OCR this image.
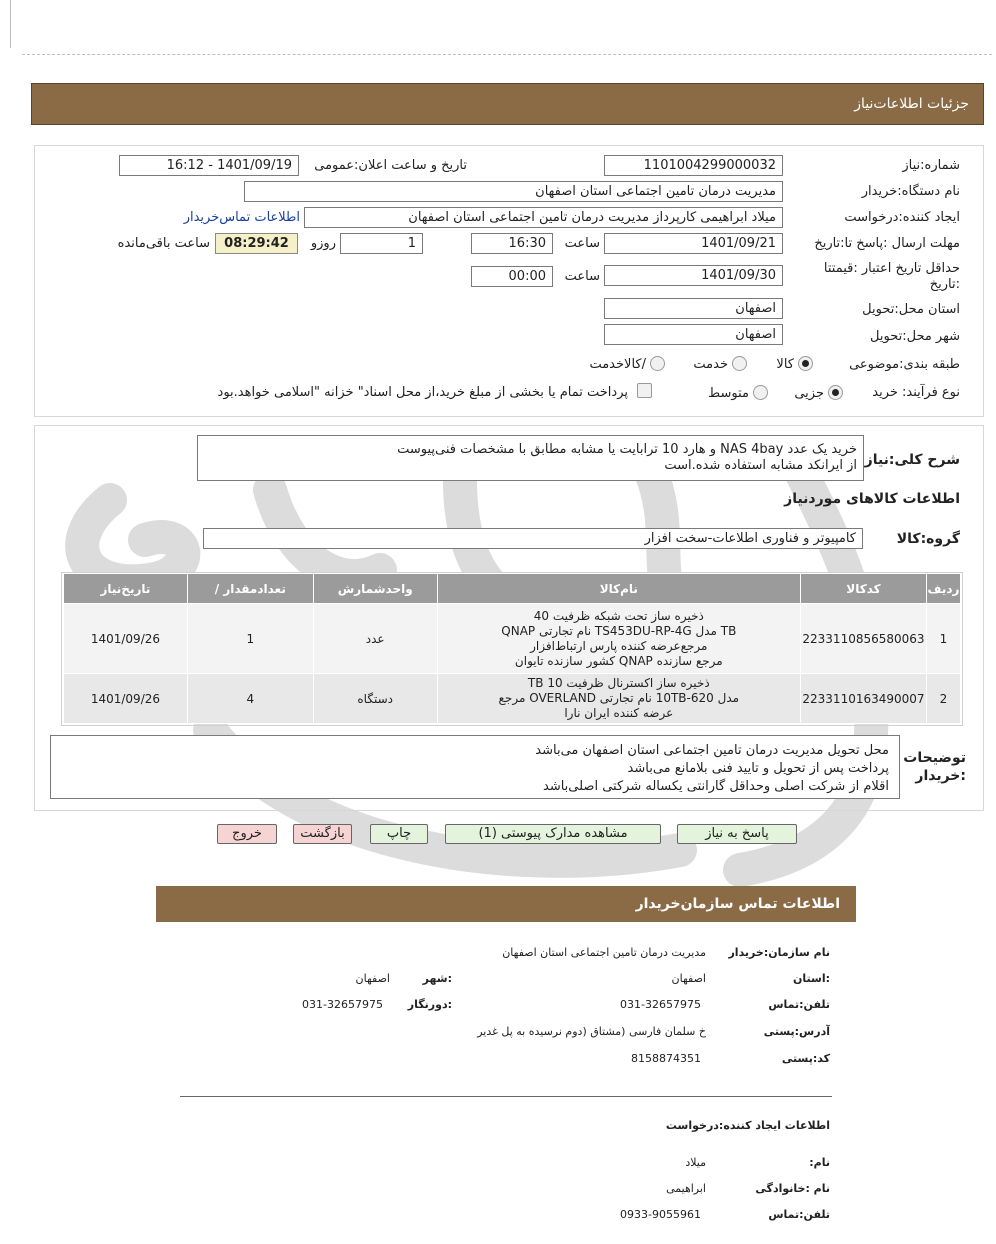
جزئیات اطلاعات‌نیاز
شماره:نیاز
1101004299000032
تاریخ و ساعت اعلان:عمومی
1401/09/19 - 16:12
نام دستگاه:خریدار
مدیریت درمان تامین اجتماعی استان اصفهان
ایجاد کننده:درخواست
میلاد ابراهیمی کارپرداز مدیریت درمان تامین اجتماعی استان اصفهان
اطلاعات تماس‌خریدار
مهلت ارسال :پاسخ تا:تاریخ
1401/09/21
ساعت
16:30
1
روزو
08:29:42
ساعت باقی‌مانده
حداقل تاریخ اعتبار :قیمتتا
:تاریخ
1401/09/30
ساعت
00:00
استان محل:تحویل
اصفهان
شهر محل:تحویل
اصفهان
طبقه بندی:موضوعی
کالا
خدمت
/کالاخدمت
نوع فرآیند: خرید
جزیی
متوسط
پرداخت تمام یا بخشی از مبلغ خرید،از محل اسناد" خزانه "اسلامی خواهد.بود
خرید یک عدد NAS 4bay و هارد 10 ترابایت یا مشابه مطابق با مشخصات فنی‌پیوست
از ایرانکد مشابه استفاده شده.است شرح کلی:نیاز
اطلاعات کالاهای موردنیاز
گروه:کالا
کامپیوتر و فناوری اطلاعات-سخت افزار
تاریخ‌نیاز	/ تعدادمقدار	واحدشمارش	نام‌کالا	کدکالا	ردیف
1401/09/26	1	عدد	ذخیره ساز تحت شبکه ظرفیت 40
TB مدل TS453DU-RP-4G نام تجارتی QNAP
مرجع‌عرضه کننده پارس ارتباط‌افزار
مرجع سازنده QNAP کشور سازنده تایوان	2233110856580063	1
1401/09/26	4	دستگاه	ذخیره ساز اکسترنال ظرفیت 10 TB
مدل 620-10TB نام تجارتی OVERLAND مرجع
عرضه کننده ایران نارا	2233110163490007	2
محل تحویل مدیریت درمان تامین اجتماعی استان اصفهان می‌باشد
پرداخت پس از تحویل و تایید فنی بلامانع می‌باشد
اقلام از شرکت اصلی وحداقل گارانتی یکساله شرکتی اصلی‌باشد
توضیحات
:خریدار
پاسخ به نیاز
مشاهده مدارک پیوستی (1)
چاپ
بازگشت
خروج
اطلاعات تماس سازمان‌خریدار
نام سازمان:خریدار
مدیریت درمان تامین اجتماعی استان اصفهان
:استان
اصفهان
:شهر
اصفهان
تلفن:تماس
031-32657975
:دورنگار
031-32657975
آدرس:پستی
خ سلمان فارسی (مشتاق (دوم نرسیده به پل غدیر
کد:پستی
8158874351
اطلاعات ایجاد کننده:درخواست
نام:
میلاد
نام :خانوادگی
ابراهیمی
تلفن:تماس
0933-9055961
